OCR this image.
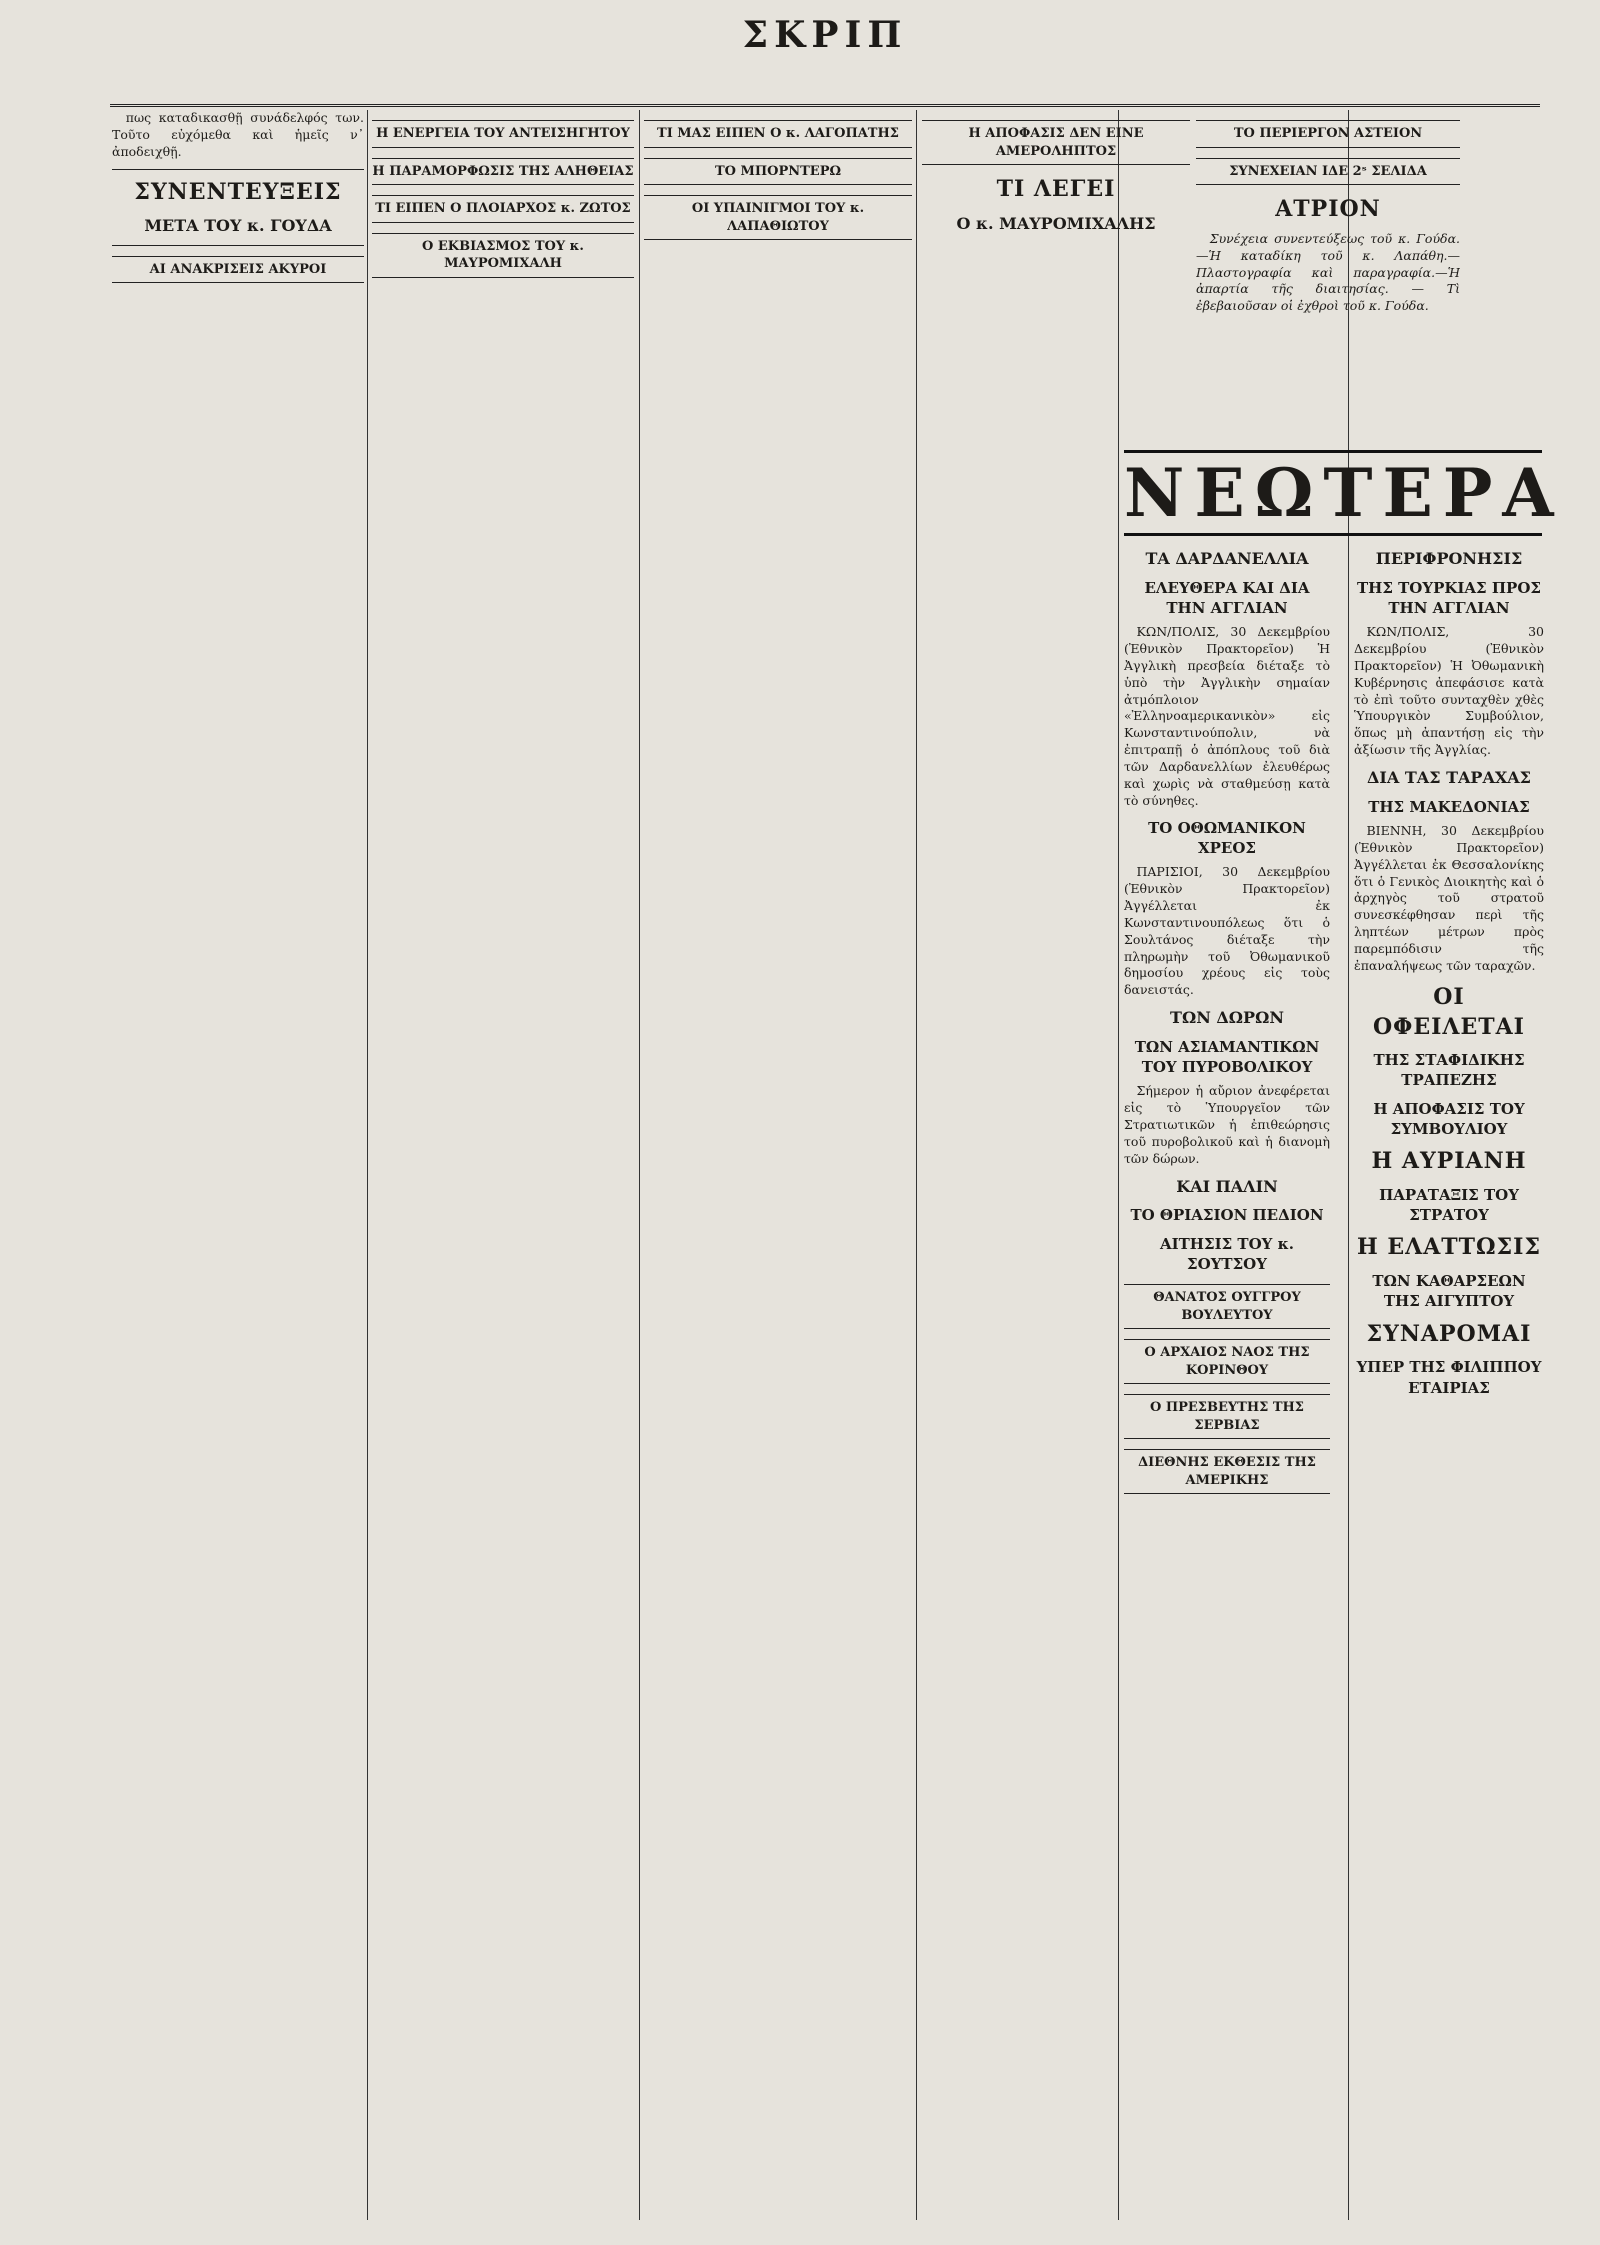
ΣΚΡΙΠ

πως καταδικασθῇ συνάδελφός των. Τοῦτο εὐχόμεθα καὶ ἡμεῖς ν᾽ ἀποδειχθῇ.

ΣΥΝΕΝΤΕΥΞΕΙΣ
ΜΕΤΑ ΤΟΥ κ. ΓΟΥΔΑ
ΑΙ ΑΝΑΚΡΙΣΕΙΣ ΑΚΥΡΟΙ
Η ΕΝΕΡΓΕΙΑ ΤΟΥ ΑΝΤΕΙΣΗΓΗΤΟΥ
Η ΠΑΡΑΜΟΡΦΩΣΙΣ ΤΗΣ ΑΛΗΘΕΙΑΣ
ΤΙ ΕΙΠΕΝ Ο ΠΛΟΙΑΡΧΟΣ κ. ΖΩΤΟΣ
Ο ΕΚΒΙΑΣΜΟΣ ΤΟΥ κ. ΜΑΥΡΟΜΙΧΑΛΗ
ΤΙ ΜΑΣ ΕΙΠΕΝ Ο κ. ΛΑΓΟΠΑΤΗΣ
ΤΟ ΜΠΟΡΝΤΕΡΩ
ΟΙ ΥΠΑΙΝΙΓΜΟΙ ΤΟΥ κ. ΛΑΠΑΘΙΩΤΟΥ
Η ΑΠΟΦΑΣΙΣ ΔΕΝ ΕΙΝΕ ΑΜΕΡΟΛΗΠΤΟΣ
ΤΙ ΛΕΓΕΙ
Ο κ. ΜΑΥΡΟΜΙΧΑΛΗΣ
ΤΟ ΠΕΡΙΕΡΓΟΝ ΑΣΤΕΙΟΝ
ΣΥΝΕΧΕΙΑΝ ΙΔΕ 2ˢ ΣΕΛΙΔΑ
ΑΤΡΙΟΝ

Συνέχεια συνεντεύξεως τοῦ κ. Γούδα.—Ἡ καταδίκη τοῦ κ. Λαπάθη.—Πλαστογραφία καὶ παραγραφία.—Ἡ ἀπαρτία τῆς διαιτησίας. — Τὶ ἐβεβαιοῦσαν οἱ ἐχθροὶ τοῦ κ. Γούδα.

ΝΕΩΤΕΡΑ
ΤΑ ΔΑΡΔΑΝΕΛΛΙΑ
ΕΛΕΥΘΕΡΑ ΚΑΙ ΔΙΑ ΤΗΝ ΑΓΓΛΙΑΝ

ΚΩΝ/ΠΟΛΙΣ, 30 Δεκεμβρίου (Ἐθνικὸν Πρακτορεῖον) Ἡ Ἀγγλικὴ πρεσβεία διέταξε τὸ ὑπὸ τὴν Ἀγγλικὴν σημαίαν ἀτμόπλοιον «Ἐλληνοαμερικανικὸν» εἰς Κωνσταντινούπολιν, νὰ ἐπιτραπῇ ὁ ἀπόπλους τοῦ διὰ τῶν Δαρδανελλίων ἐλευθέρως καὶ χωρὶς νὰ σταθμεύσῃ κατὰ τὸ σύνηθες.

ΤΟ ΟΘΩΜΑΝΙΚΟΝ ΧΡΕΟΣ

ΠΑΡΙΣΙΟΙ, 30 Δεκεμβρίου (Ἐθνικὸν Πρακτορεῖον) Ἀγγέλλεται ἐκ Κωνσταντινουπόλεως ὅτι ὁ Σουλτάνος διέταξε τὴν πληρωμὴν τοῦ Ὀθωμανικοῦ δημοσίου χρέους εἰς τοὺς δανειστάς.

ΤΩΝ ΔΩΡΩΝ
ΤΩΝ ΑΣΙΑΜΑΝΤΙΚΩΝ ΤΟΥ ΠΥΡΟΒΟΛΙΚΟΥ

Σήμερον ἡ αὔριον ἀνεφέρεται εἰς τὸ Ὑπουργεῖον τῶν Στρατιωτικῶν ἡ ἐπιθεώρησις τοῦ πυροβολικοῦ καὶ ἡ διανομὴ τῶν δώρων.

ΚΑΙ ΠΑΛΙΝ
ΤΟ ΘΡΙΑΣΙΟΝ ΠΕΔΙΟΝ
ΑΙΤΗΣΙΣ ΤΟΥ κ. ΣΟΥΤΣΟΥ
ΘΑΝΑΤΟΣ ΟΥΓΓΡΟΥ ΒΟΥΛΕΥΤΟΥ
Ο ΑΡΧΑΙΟΣ ΝΑΟΣ ΤΗΣ ΚΟΡΙΝΘΟΥ
Ο ΠΡΕΣΒΕΥΤΗΣ ΤΗΣ ΣΕΡΒΙΑΣ
ΔΙΕΘΝΗΣ ΕΚΘΕΣΙΣ ΤΗΣ ΑΜΕΡΙΚΗΣ
ΠΕΡΙΦΡΟΝΗΣΙΣ
ΤΗΣ ΤΟΥΡΚΙΑΣ ΠΡΟΣ ΤΗΝ ΑΓΓΛΙΑΝ

ΚΩΝ/ΠΟΛΙΣ, 30 Δεκεμβρίου (Ἐθνικὸν Πρακτορεῖον) Ἡ Ὀθωμανικὴ Κυβέρνησις ἀπεφάσισε κατὰ τὸ ἐπὶ τοῦτο συνταχθὲν χθὲς Ὑπουργικὸν Συμβούλιον, ὅπως μὴ ἀπαντήσῃ εἰς τὴν ἀξίωσιν τῆς Ἀγγλίας.

ΔΙΑ ΤΑΣ ΤΑΡΑΧΑΣ
ΤΗΣ ΜΑΚΕΔΟΝΙΑΣ

ΒΙΕΝΝΗ, 30 Δεκεμβρίου (Ἐθνικὸν Πρακτορεῖον) Ἀγγέλλεται ἐκ Θεσσαλονίκης ὅτι ὁ Γενικὸς Διοικητὴς καὶ ὁ ἀρχηγὸς τοῦ στρατοῦ συνεσκέφθησαν περὶ τῆς ληπτέων μέτρων πρὸς παρεμπόδισιν τῆς ἐπαναλήψεως τῶν ταραχῶν.

ΟΙ ΟΦΕΙΛΕΤΑΙ
ΤΗΣ ΣΤΑΦΙΔΙΚΗΣ ΤΡΑΠΕΖΗΣ
Η ΑΠΟΦΑΣΙΣ ΤΟΥ ΣΥΜΒΟΥΛΙΟΥ
Η ΑΥΡΙΑΝΗ
ΠΑΡΑΤΑΞΙΣ ΤΟΥ ΣΤΡΑΤΟΥ
Η ΕΛΑΤΤΩΣΙΣ
ΤΩΝ ΚΑΘΑΡΣΕΩΝ ΤΗΣ ΑΙΓΥΠΤΟΥ
ΣΥΝΑΡΟΜΑΙ
ΥΠΕΡ ΤΗΣ ΦΙΛΙΠΠΟΥ ΕΤΑΙΡΙΑΣ
